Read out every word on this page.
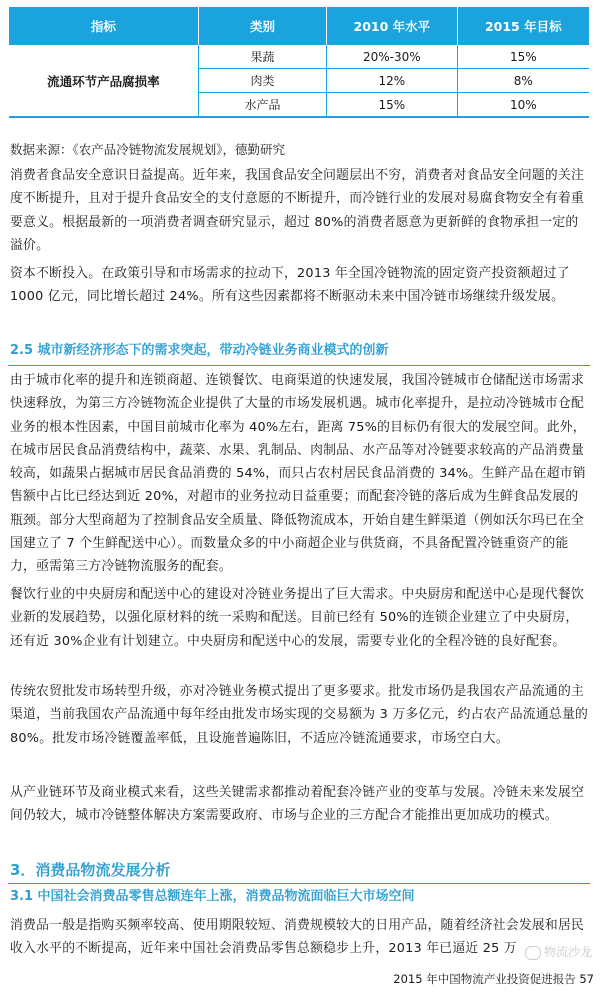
指标	类别	2010 年水平	2015 年目标
流通环节产品腐损率	果蔬	20%-30%	15%
	肉类	12%	8%
	水产品	15%	10%
数据来源：《农产品冷链物流发展规划》，德勤研究
消费者食品安全意识日益提高。近年来，我国食品安全问题层出不穷，消费者对食品安全问题的关注度不断提升，且对于提升食品安全的支付意愿的不断提升，而冷链行业的发展对易腐食物安全有着重要意义。根据最新的一项消费者调查研究显示，超过 80%的消费者愿意为更新鲜的食物承担一定的溢价。
资本不断投入。在政策引导和市场需求的拉动下，2013 年全国冷链物流的固定资产投资额超过了 1000 亿元，同比增长超过 24%。所有这些因素都将不断驱动未来中国冷链市场继续升级发展。
2.5 城市新经济形态下的需求突起，带动冷链业务商业模式的创新
由于城市化率的提升和连锁商超、连锁餐饮、电商渠道的快速发展，我国冷链城市仓储配送市场需求快速释放，为第三方冷链物流企业提供了大量的市场发展机遇。城市化率提升，是拉动冷链城市仓配业务的根本性因素，中国目前城市化率为 40%左右，距离 75%的目标仍有很大的发展空间。此外，在城市居民食品消费结构中，蔬菜、水果、乳制品、肉制品、水产品等对冷链要求较高的产品消费量较高，如蔬果占据城市居民食品消费的 54%，而只占农村居民食品消费的 34%。生鲜产品在超市销售额中占比已经达到近 20%，对超市的业务拉动日益重要；而配套冷链的落后成为生鲜食品发展的瓶颈。部分大型商超为了控制食品安全质量、降低物流成本，开始自建生鲜渠道（例如沃尔玛已在全国建立了 7 个生鲜配送中心）。而数量众多的中小商超企业与供货商，不具备配置冷链重资产的能力，亟需第三方冷链物流服务的配套。
餐饮行业的中央厨房和配送中心的建设对冷链业务提出了巨大需求。中央厨房和配送中心是现代餐饮业新的发展趋势，以强化原材料的统一采购和配送。目前已经有 50%的连锁企业建立了中央厨房，还有近 30%企业有计划建立。中央厨房和配送中心的发展，需要专业化的全程冷链的良好配套。
传统农贸批发市场转型升级，亦对冷链业务模式提出了更多要求。批发市场仍是我国农产品流通的主渠道，当前我国农产品流通中每年经由批发市场实现的交易额为 3 万多亿元，约占农产品流通总量的 80%。批发市场冷链覆盖率低，且设施普遍陈旧，不适应冷链流通要求，市场空白大。
从产业链环节及商业模式来看，这些关键需求都推动着配套冷链产业的变革与发展。冷链未来发展空间仍较大，城市冷链整体解决方案需要政府、市场与企业的三方配合才能推出更加成功的模式。
3．消费品物流发展分析
3.1 中国社会消费品零售总额连年上涨，消费品物流面临巨大市场空间
消费品一般是指购买频率较高、使用期限较短、消费规模较大的日用产品，随着经济社会发展和居民收入水平的不断提高，近年来中国社会消费品零售总额稳步上升，2013 年已逼近 25 万	物流沙龙
2015 年中国物流产业投资促进报告 57
